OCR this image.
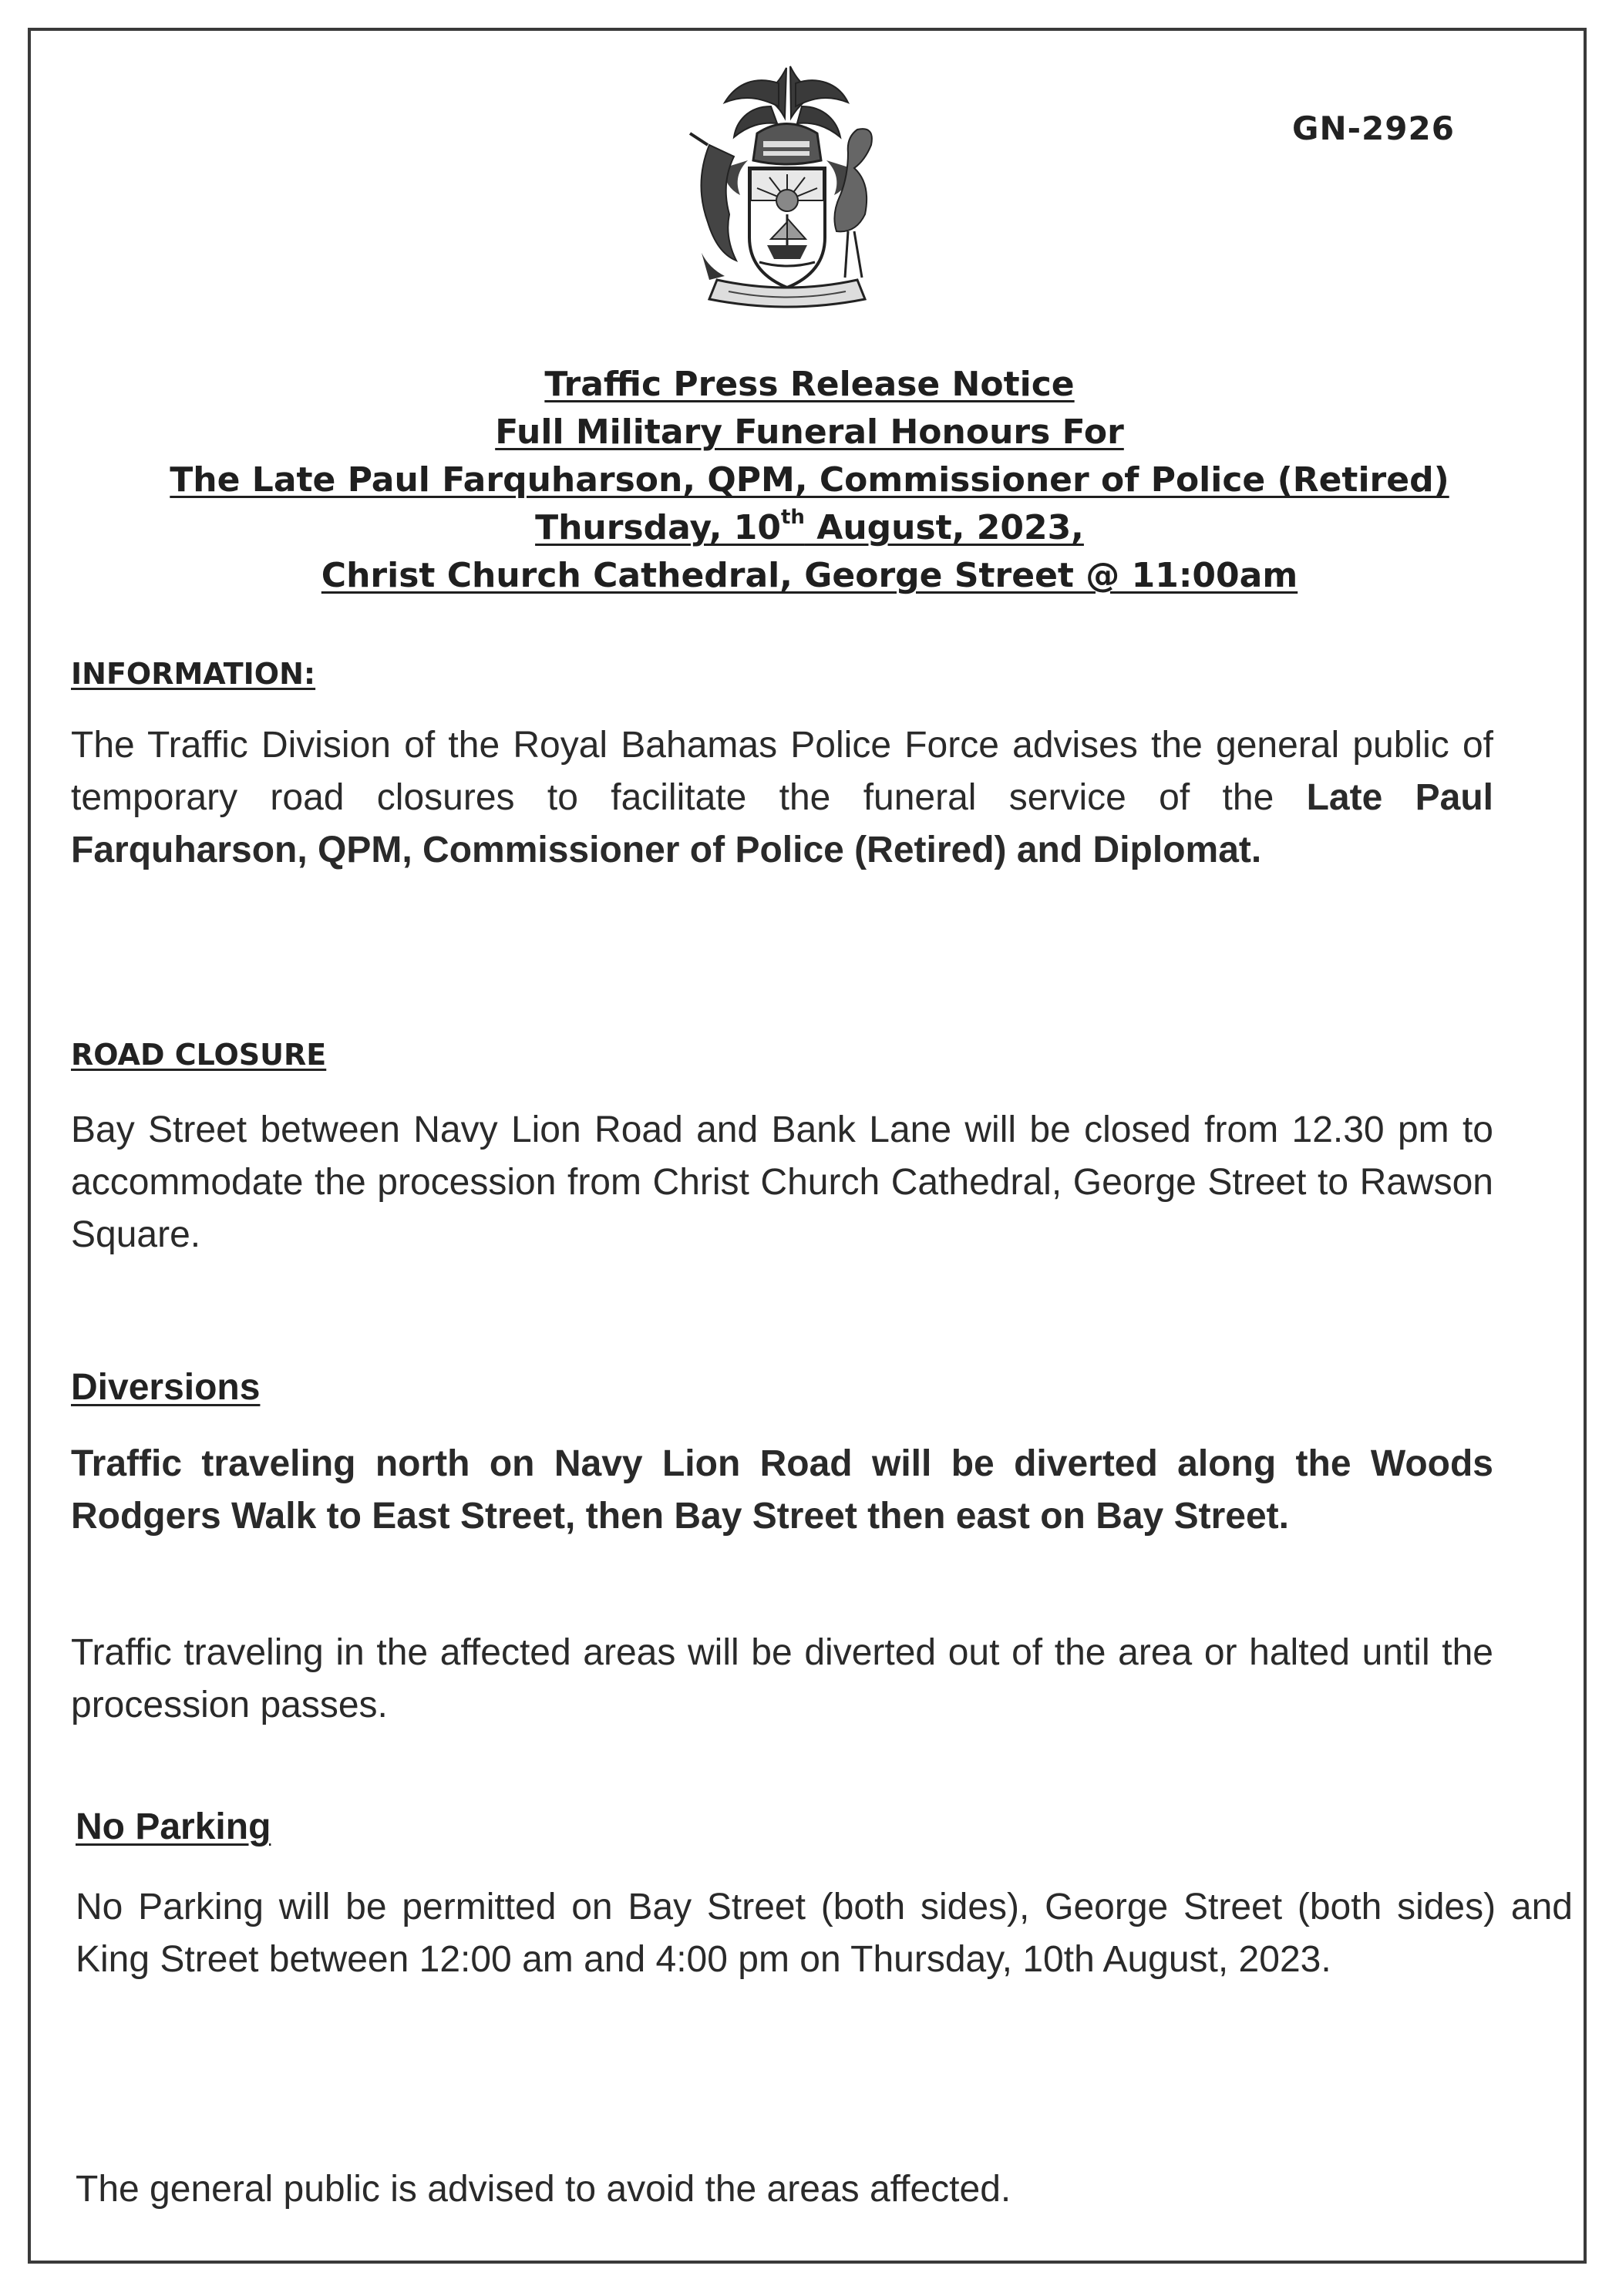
GN-2926
Traffic Press Release Notice
Full Military Funeral Honours For
The Late Paul Farquharson, QPM, Commissioner of Police (Retired)
Thursday, 10th August, 2023,
Christ Church Cathedral, George Street @ 11:00am
INFORMATION:
The Traffic Division of the Royal Bahamas Police Force advises the general public of temporary road closures to facilitate the funeral service of the Late Paul Farquharson, QPM, Commissioner of Police (Retired) and Diplomat.
ROAD CLOSURE
Bay Street between Navy Lion Road and Bank Lane will be closed from 12.30 pm to accommodate the procession from Christ Church Cathedral, George Street to Rawson Square.
Diversions
Traffic traveling north on Navy Lion Road will be diverted along the Woods Rodgers Walk to East Street, then Bay Street then east on Bay Street.
Traffic traveling in the affected areas will be diverted out of the area or halted until the procession passes.
No Parking
No Parking will be permitted on Bay Street (both sides), George Street (both sides) and King Street between 12:00 am and 4:00 pm on Thursday, 10th August, 2023.
The general public is advised to avoid the areas affected.
